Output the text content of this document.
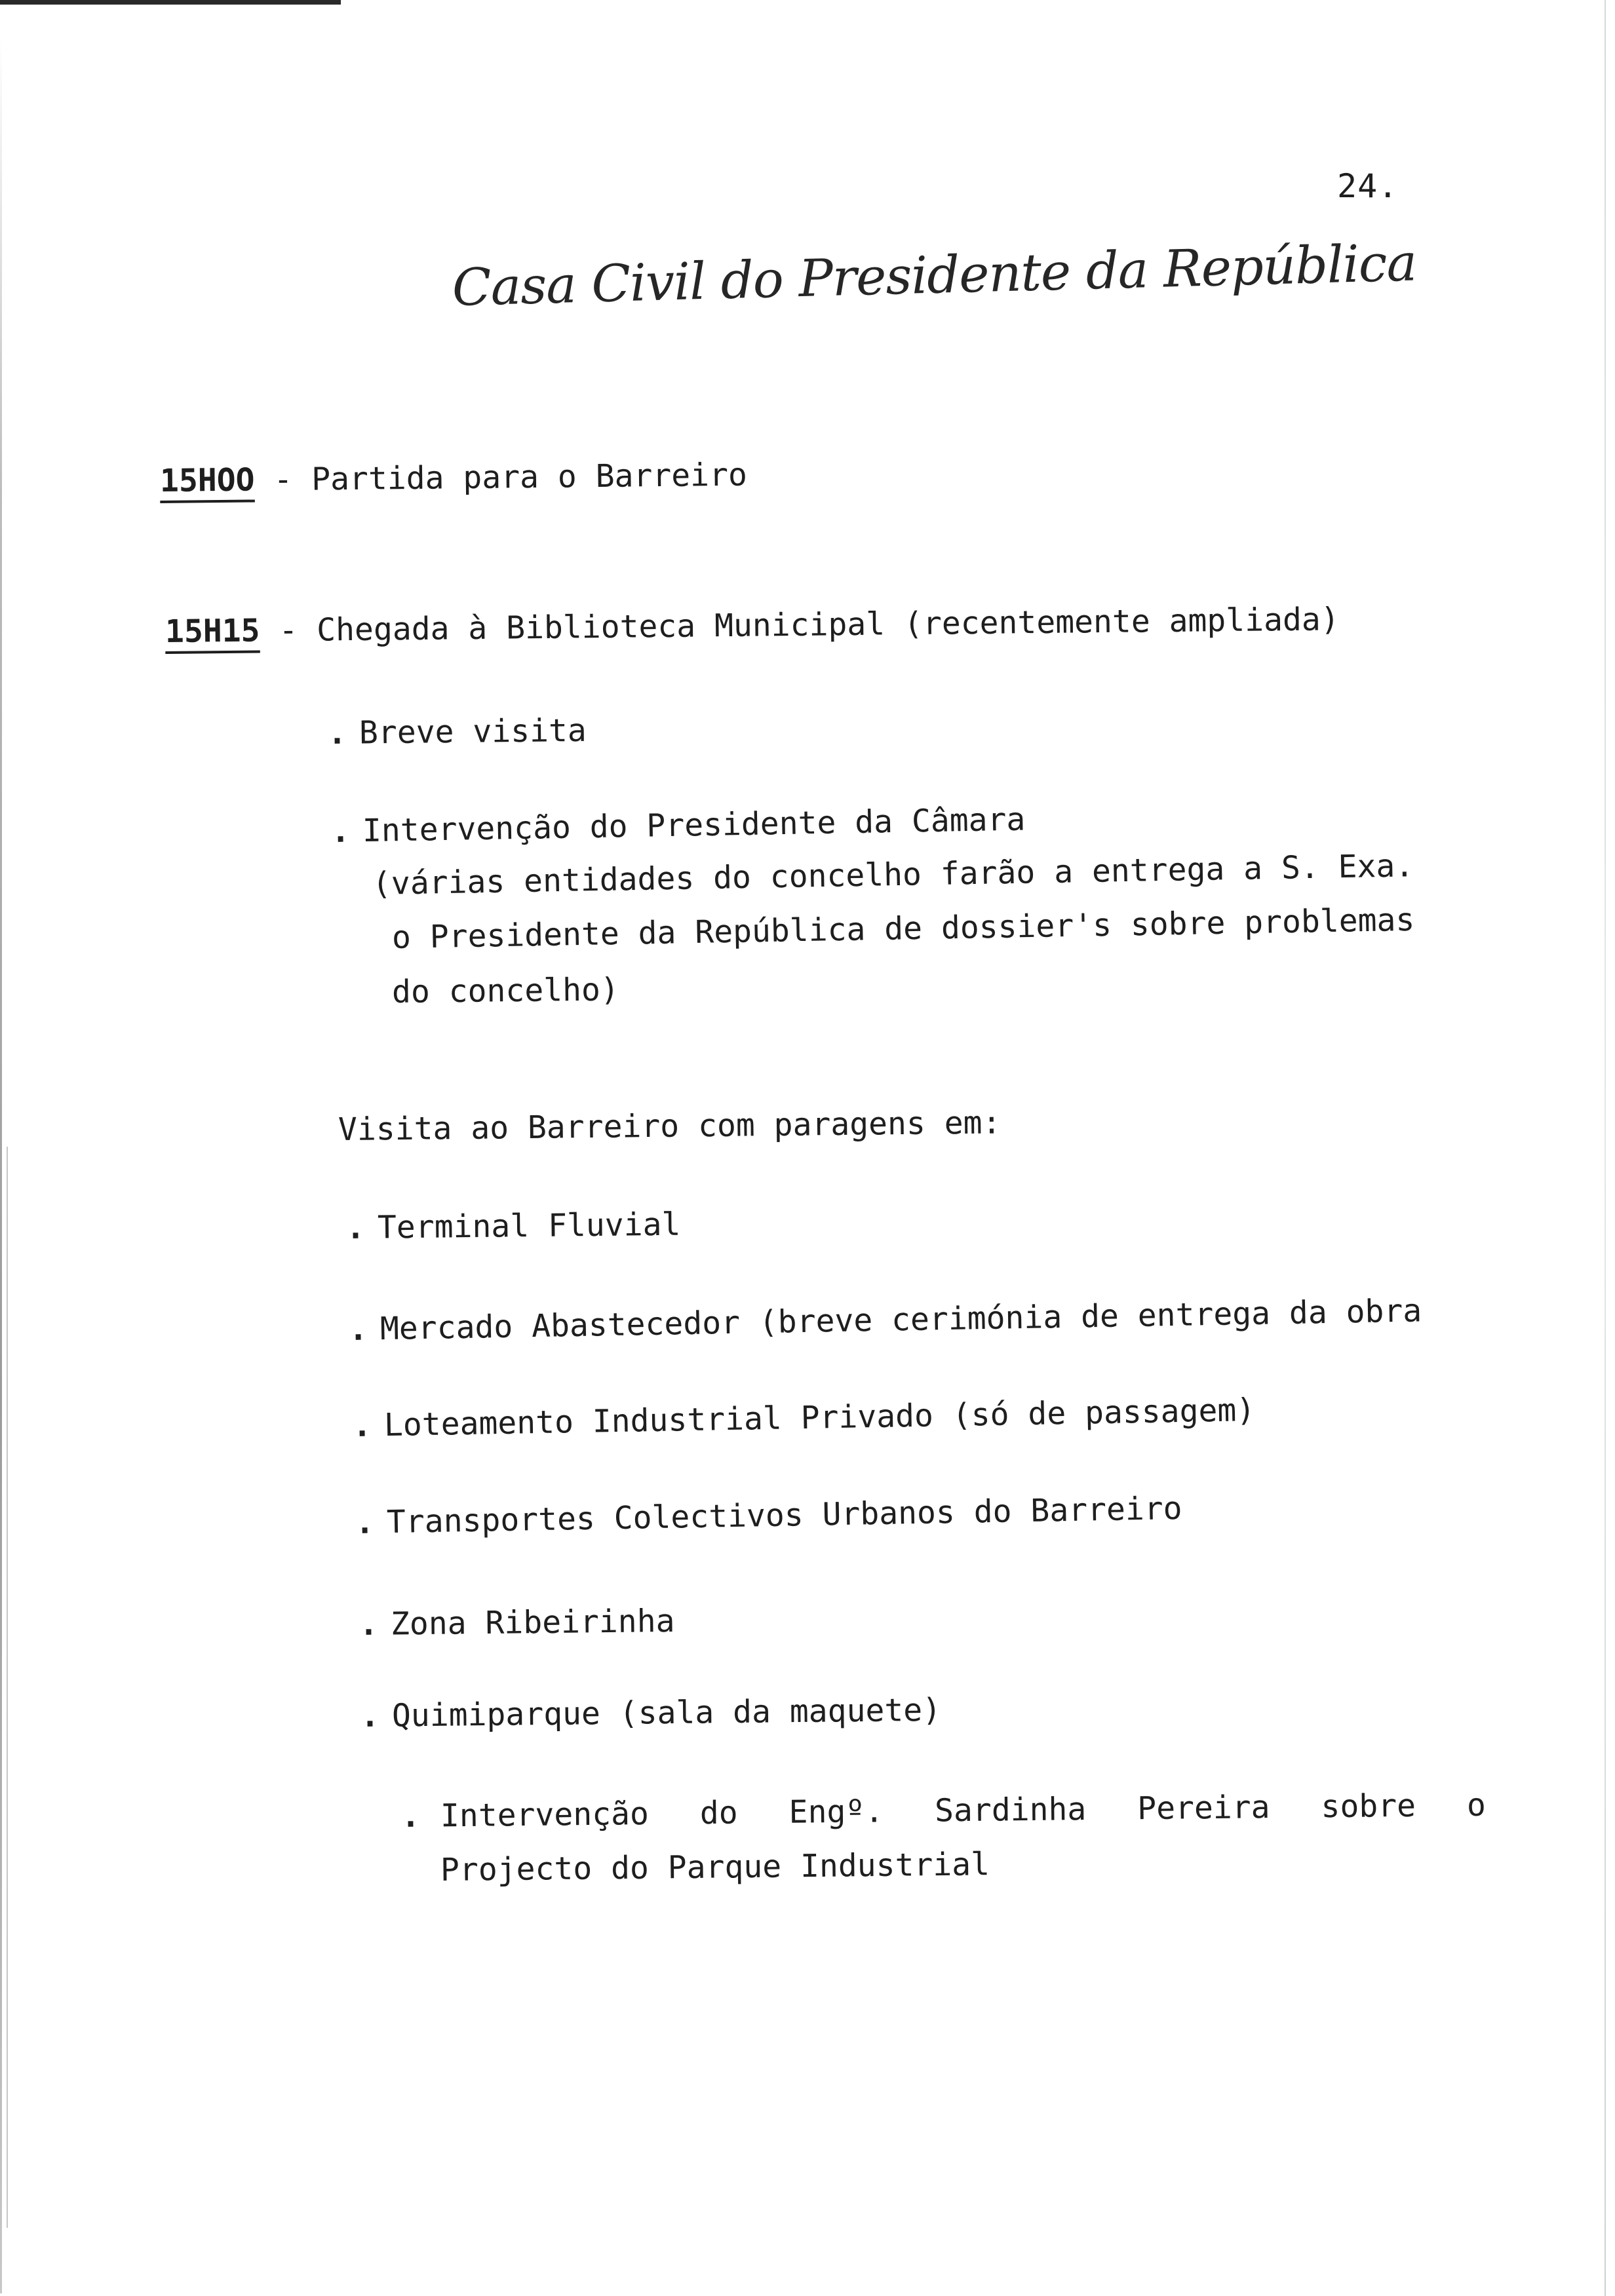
24.
Casa Civil do Presidente da República
15HOO - Partida para o Barreiro
15H15 - Chegada à Biblioteca Municipal (recentemente ampliada)
. Breve visita
. Intervenção do Presidente da Câmara
(várias entidades do concelho farão a entrega a S. Exa.
o Presidente da República de dossier's sobre problemas
do concelho)
Visita ao Barreiro com paragens em:
. Terminal Fluvial
. Mercado Abastecedor (breve cerimónia de entrega da obra
. Loteamento Industrial Privado (só de passagem)
. Transportes Colectivos Urbanos do Barreiro
. Zona Ribeirinha
. Quimiparque (sala da maquete)
. Intervenção do Engº. Sardinha Pereira sobre o
Projecto do Parque Industrial
